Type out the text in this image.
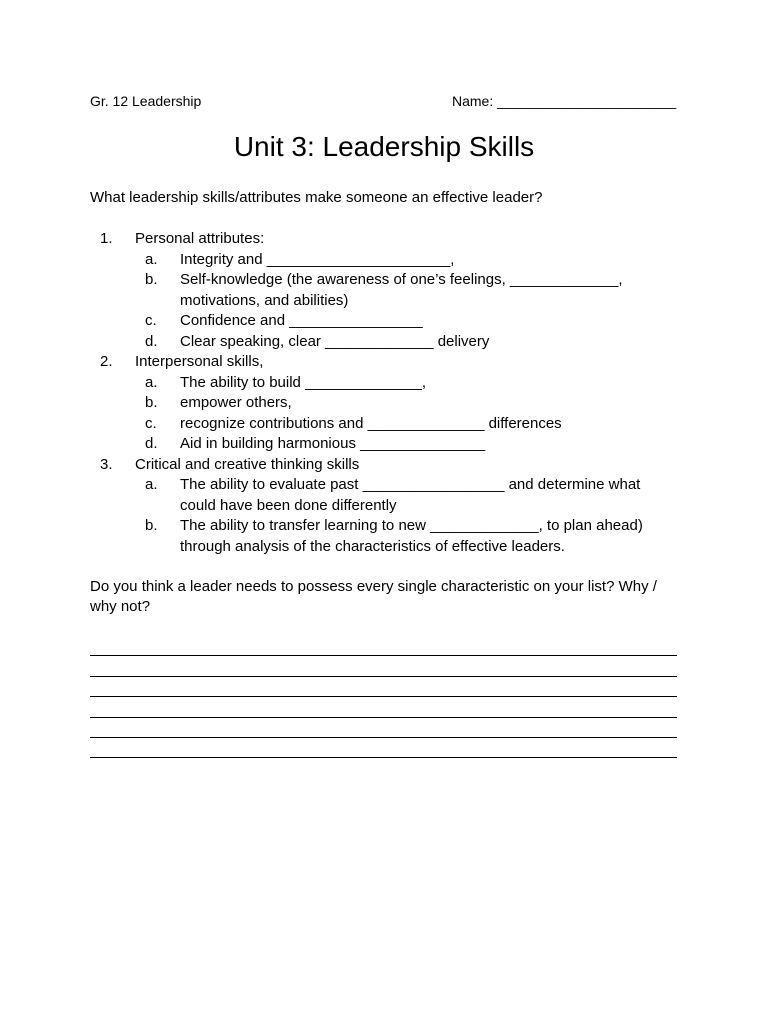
Gr. 12 Leadership	Name: _______________________
Unit 3: Leadership Skills
What leadership skills/attributes make someone an effective leader?
1. Personal attributes:
a. Integrity and ______________________,
b. Self-knowledge (the awareness of one’s feelings, _____________, motivations, and abilities)
c. Confidence and ________________
d. Clear speaking, clear _____________ delivery
2. Interpersonal skills,
a. The ability to build ______________,
b. empower others,
c. recognize contributions and ______________ differences
d. Aid in building harmonious _______________
3. Critical and creative thinking skills
a. The ability to evaluate past _________________ and determine what could have been done differently
b. The ability to transfer learning to new _____________, to plan ahead) through analysis of the characteristics of effective leaders.
Do you think a leader needs to possess every single characteristic on your list? Why / why not?
